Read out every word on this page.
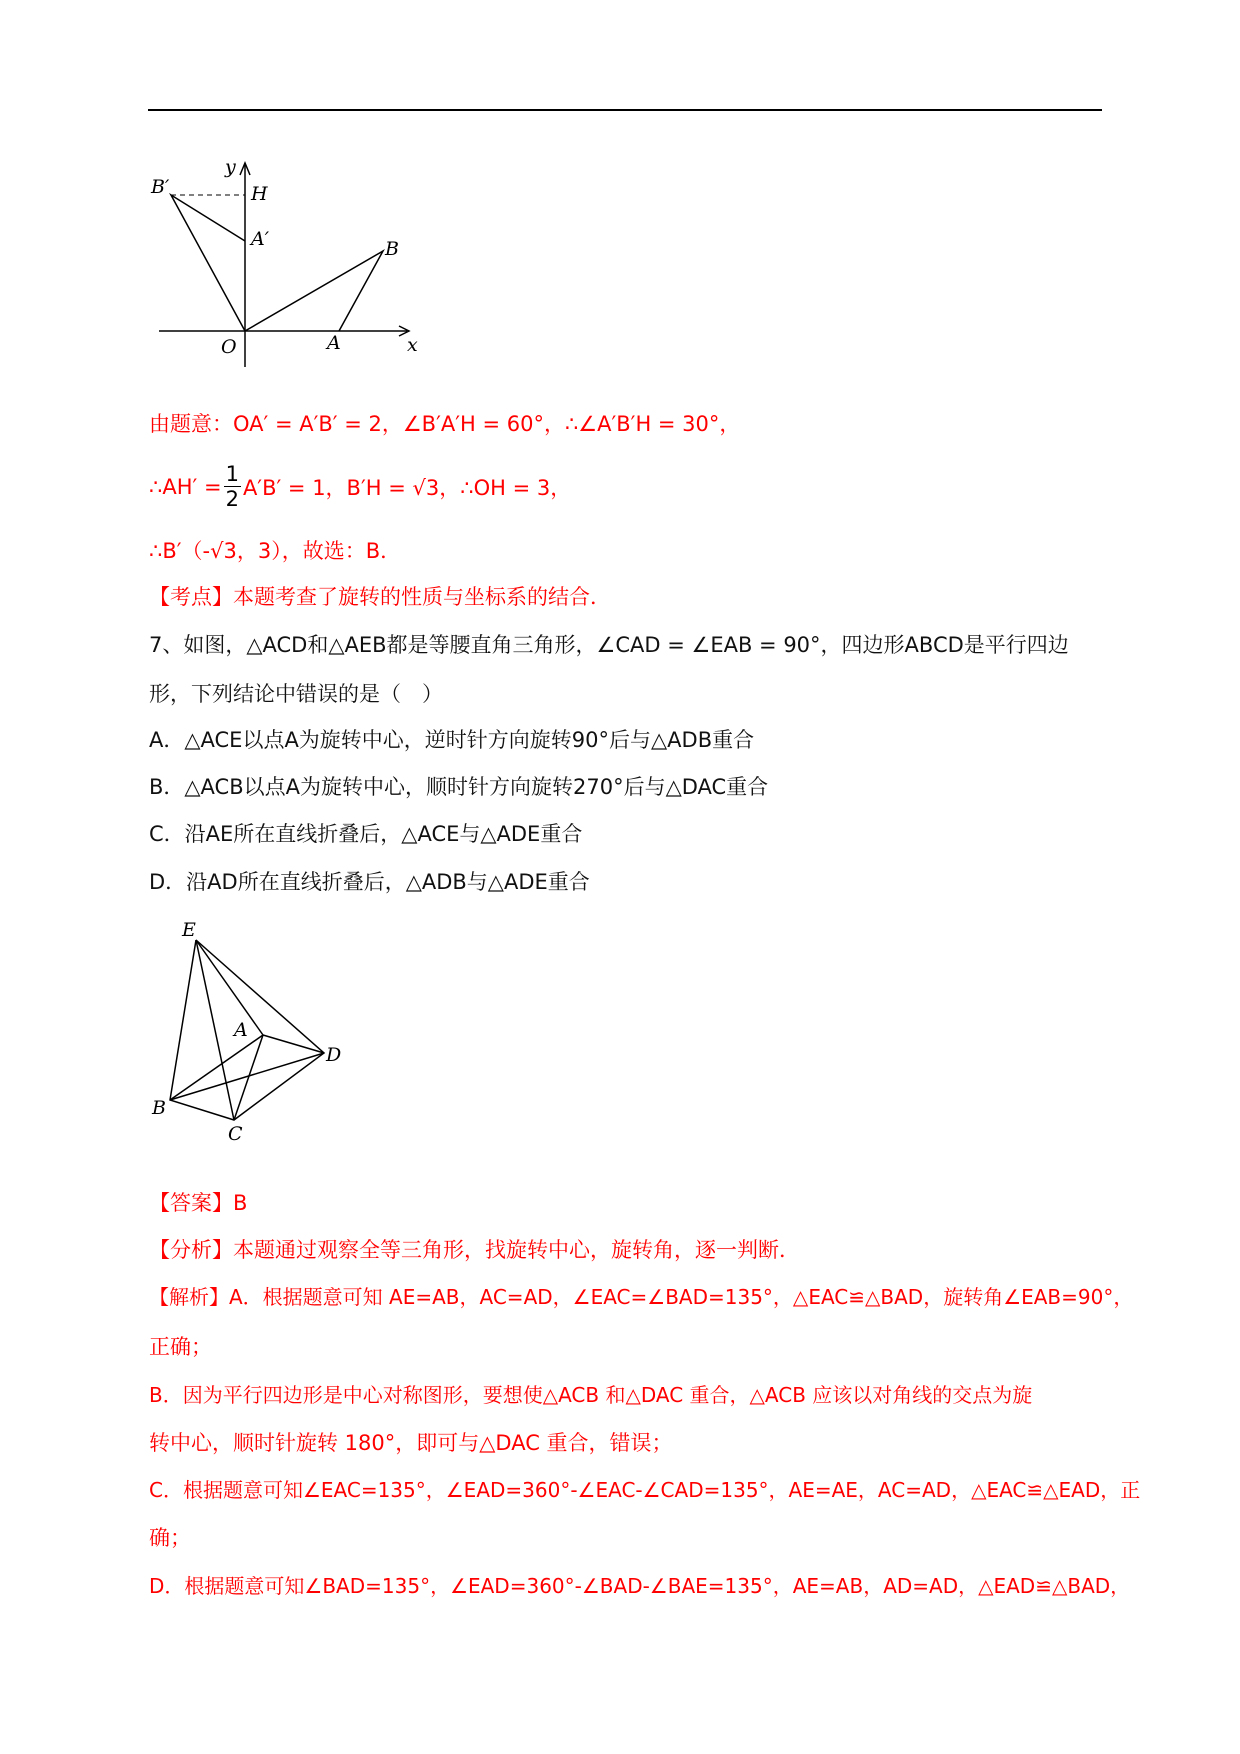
B′
y
H
A′	B
O	A	x
由题意：OA′ = A′B′ = 2，∠B′A′H = 60°，∴∠A′B′H = 30°，
∴AH′ = $\frac{1}{2} A'B' = 1$，B′H = √3，∴OH = 3，
∴B′（-√3，3），故选：B．
【考点】本题考查了旋转的性质与坐标系的结合．
7、如图，△ACD和△AEB都是等腰直角三角形，∠CAD = ∠EAB = 90°，四边形ABCD是平行四边
形，下列结论中错误的是（　）
A．△ACE以点A为旋转中心，逆时针方向旋转90°后与△ADB重合
B．△ACB以点A为旋转中心，顺时针方向旋转270°后与△DAC重合
C．沿AE所在直线折叠后，△ACE与△ADE重合
D．沿AD所在直线折叠后，△ADB与△ADE重合
E
A
D
B
C
【答案】B
【分析】本题通过观察全等三角形，找旋转中心，旋转角，逐一判断．
【解析】A．根据题意可知 AE=AB，AC=AD，∠EAC=∠BAD=135°，△EAC≌△BAD，旋转角∠EAB=90°，
正确；
B．因为平行四边形是中心对称图形，要想使△ACB 和△DAC 重合，△ACB 应该以对角线的交点为旋
转中心，顺时针旋转 180°，即可与△DAC 重合，错误；
C．根据题意可知∠EAC=135°，∠EAD=360°-∠EAC-∠CAD=135°，AE=AE，AC=AD，△EAC≌△EAD，正
确；
D．根据题意可知∠BAD=135°，∠EAD=360°-∠BAD-∠BAE=135°，AE=AB，AD=AD，△EAD≌△BAD，
